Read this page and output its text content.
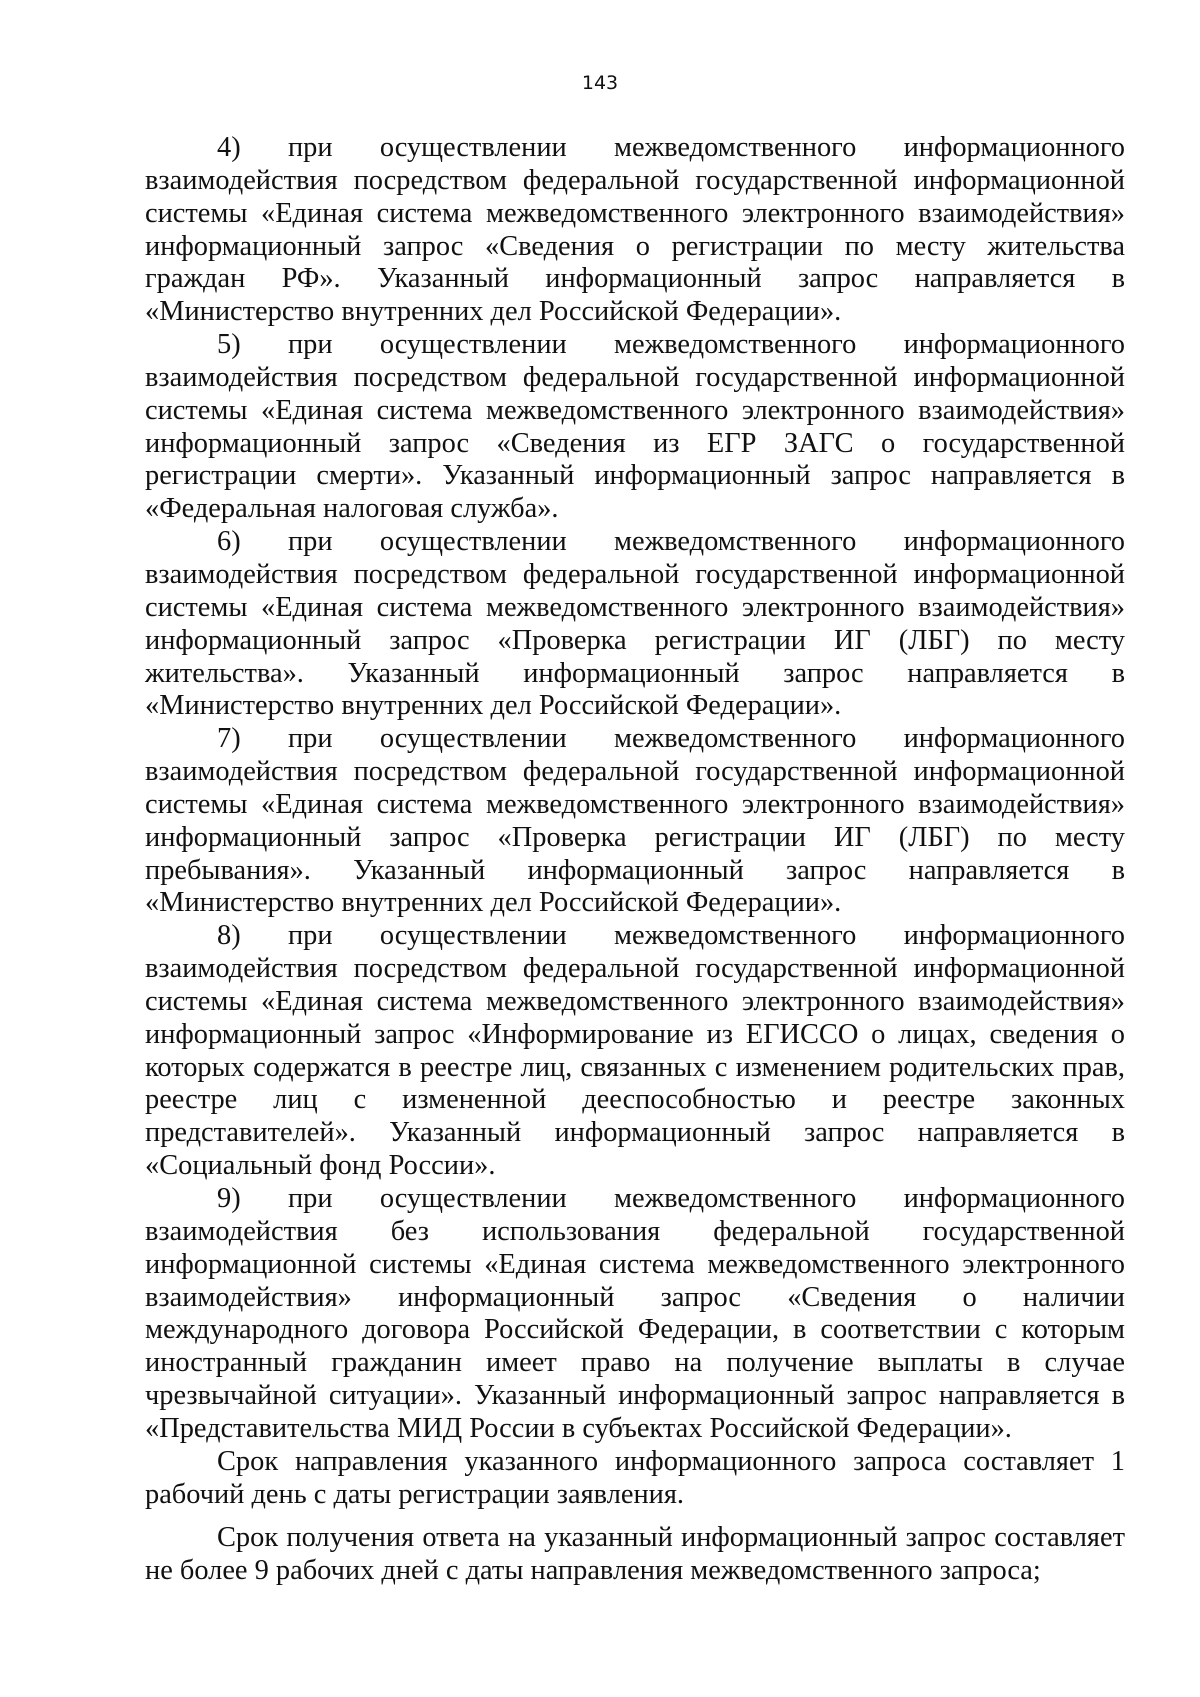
143

4) при осуществлении межведомственного информационного взаимодействия посредством федеральной государственной информационной системы «Единая система межведомственного электронного взаимодействия» информационный запрос «Сведения о регистрации по месту жительства граждан РФ». Указанный информационный запрос направляется в «Министерство внутренних дел Российской Федерации».

5) при осуществлении межведомственного информационного взаимодействия посредством федеральной государственной информационной системы «Единая система межведомственного электронного взаимодействия» информационный запрос «Сведения из ЕГР ЗАГС о государственной регистрации смерти». Указанный информационный запрос направляется в «Федеральная налоговая служба».

6) при осуществлении межведомственного информационного взаимодействия посредством федеральной государственной информационной системы «Единая система межведомственного электронного взаимодействия» информационный запрос «Проверка регистрации ИГ (ЛБГ) по месту жительства». Указанный информационный запрос направляется в «Министерство внутренних дел Российской Федерации».

7) при осуществлении межведомственного информационного взаимодействия посредством федеральной государственной информационной системы «Единая система межведомственного электронного взаимодействия» информационный запрос «Проверка регистрации ИГ (ЛБГ) по месту пребывания». Указанный информационный запрос направляется в «Министерство внутренних дел Российской Федерации».

8) при осуществлении межведомственного информационного взаимодействия посредством федеральной государственной информационной системы «Единая система межведомственного электронного взаимодействия» информационный запрос «Информирование из ЕГИССО о лицах, сведения о которых содержатся в реестре лиц, связанных с изменением родительских прав, реестре лиц с измененной дееспособностью и реестре законных представителей». Указанный информационный запрос направляется в «Социальный фонд России».

9) при осуществлении межведомственного информационного взаимодействия без использования федеральной государственной информационной системы «Единая система межведомственного электронного взаимодействия» информационный запрос «Сведения о наличии международного договора Российской Федерации, в соответствии с которым иностранный гражданин имеет право на получение выплаты в случае чрезвычайной ситуации». Указанный информационный запрос направляется в «Представительства МИД России в субъектах Российской Федерации».

Срок направления указанного информационного запроса составляет 1 рабочий день с даты регистрации заявления.

Срок получения ответа на указанный информационный запрос составляет не более 9 рабочих дней с даты направления межведомственного запроса;
